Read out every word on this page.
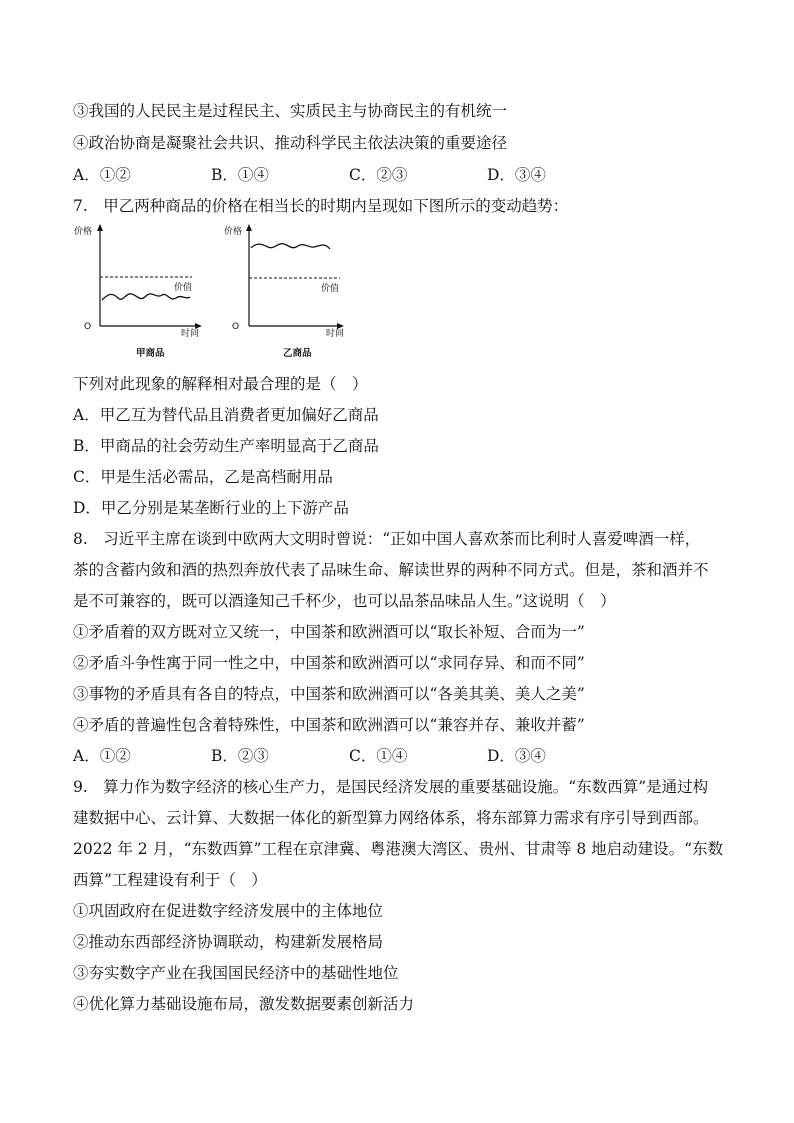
③我国的人民民主是过程民主、实质民主与协商民主的有机统一
④政治协商是凝聚社会共识、推动科学民主依法决策的重要途径
A．①②	B．①④	C．②③	D．③④
7.　甲乙两种商品的价格在相当长的时期内呈现如下图所示的变动趋势：
价格
O
时间
价值
甲商品
价格
O
时间
价值
乙商品
下列对此现象的解释相对最合理的是（　）
A．甲乙互为替代品且消费者更加偏好乙商品
B．甲商品的社会劳动生产率明显高于乙商品
C．甲是生活必需品，乙是高档耐用品
D．甲乙分别是某垄断行业的上下游产品
8.　习近平主席在谈到中欧两大文明时曾说：“正如中国人喜欢茶而比利时人喜爱啤酒一样，
茶的含蓄内敛和酒的热烈奔放代表了品味生命、解读世界的两种不同方式。但是，茶和酒并不
是不可兼容的，既可以酒逢知己千杯少，也可以品茶品味品人生。”这说明（　）
①矛盾着的双方既对立又统一，中国茶和欧洲酒可以“取长补短、合而为一”
②矛盾斗争性寓于同一性之中，中国茶和欧洲酒可以“求同存异、和而不同”
③事物的矛盾具有各自的特点，中国茶和欧洲酒可以“各美其美、美人之美”
④矛盾的普遍性包含着特殊性，中国茶和欧洲酒可以“兼容并存、兼收并蓄”
A．①②	B．②③	C．①④	D．③④
9.　算力作为数字经济的核心生产力，是国民经济发展的重要基础设施。“东数西算”是通过构
建数据中心、云计算、大数据一体化的新型算力网络体系，将东部算力需求有序引导到西部。
2022 年 2 月，“东数西算”工程在京津冀、粤港澳大湾区、贵州、甘肃等 8 地启动建设。“东数
西算”工程建设有利于（　）
①巩固政府在促进数字经济发展中的主体地位
②推动东西部经济协调联动，构建新发展格局
③夯实数字产业在我国国民经济中的基础性地位
④优化算力基础设施布局，激发数据要素创新活力
